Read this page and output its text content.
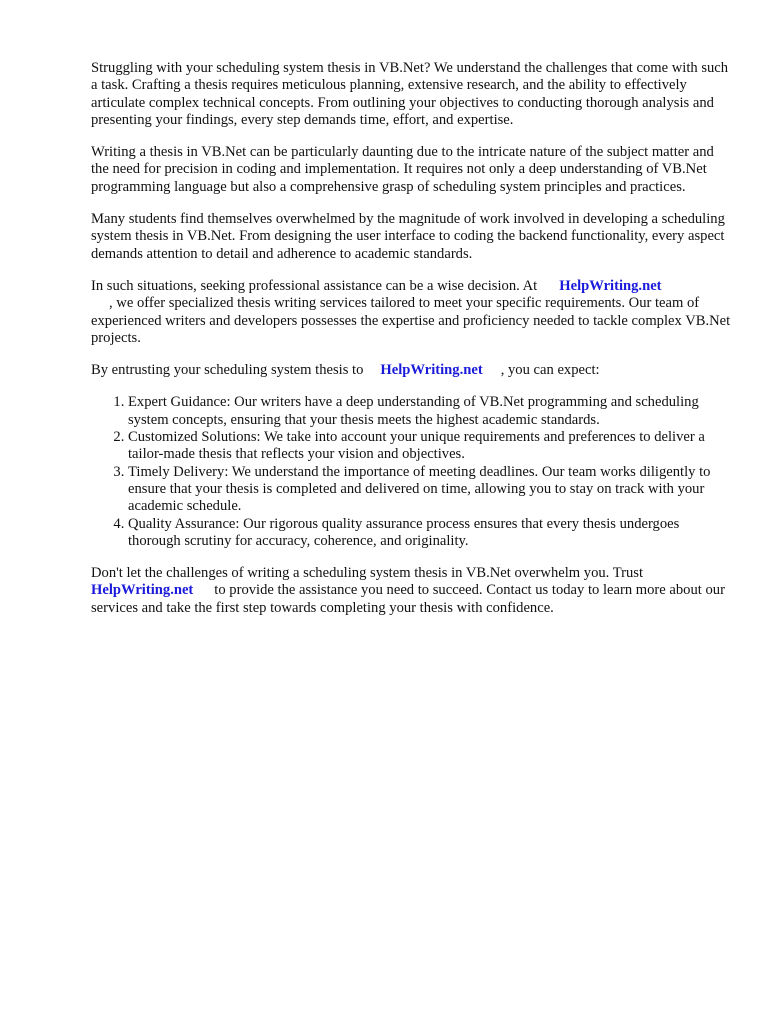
Struggling with your scheduling system thesis in VB.Net? We understand the challenges that come with such a task. Crafting a thesis requires meticulous planning, extensive research, and the ability to effectively articulate complex technical concepts. From outlining your objectives to conducting thorough analysis and presenting your findings, every step demands time, effort, and expertise.

Writing a thesis in VB.Net can be particularly daunting due to the intricate nature of the subject matter and the need for precision in coding and implementation. It requires not only a deep understanding of VB.Net programming language but also a comprehensive grasp of scheduling system principles and practices.

Many students find themselves overwhelmed by the magnitude of work involved in developing a scheduling system thesis in VB.Net. From designing the user interface to coding the backend functionality, every aspect demands attention to detail and adherence to academic standards.

In such situations, seeking professional assistance can be a wise decision. At HelpWriting.net
, we offer specialized thesis writing services tailored to meet your specific requirements. Our team of experienced writers and developers possesses the expertise and proficiency needed to tackle complex VB.Net projects.

By entrusting your scheduling system thesis to HelpWriting.net , you can expect:

1. Expert Guidance: Our writers have a deep understanding of VB.Net programming and scheduling system concepts, ensuring that your thesis meets the highest academic standards.
2. Customized Solutions: We take into account your unique requirements and preferences to deliver a tailor-made thesis that reflects your vision and objectives.
3. Timely Delivery: We understand the importance of meeting deadlines. Our team works diligently to ensure that your thesis is completed and delivered on time, allowing you to stay on track with your academic schedule.
4. Quality Assurance: Our rigorous quality assurance process ensures that every thesis undergoes thorough scrutiny for accuracy, coherence, and originality.

Don't let the challenges of writing a scheduling system thesis in VB.Net overwhelm you. Trust
HelpWriting.net to provide the assistance you need to succeed. Contact us today to learn more about our services and take the first step towards completing your thesis with confidence.
